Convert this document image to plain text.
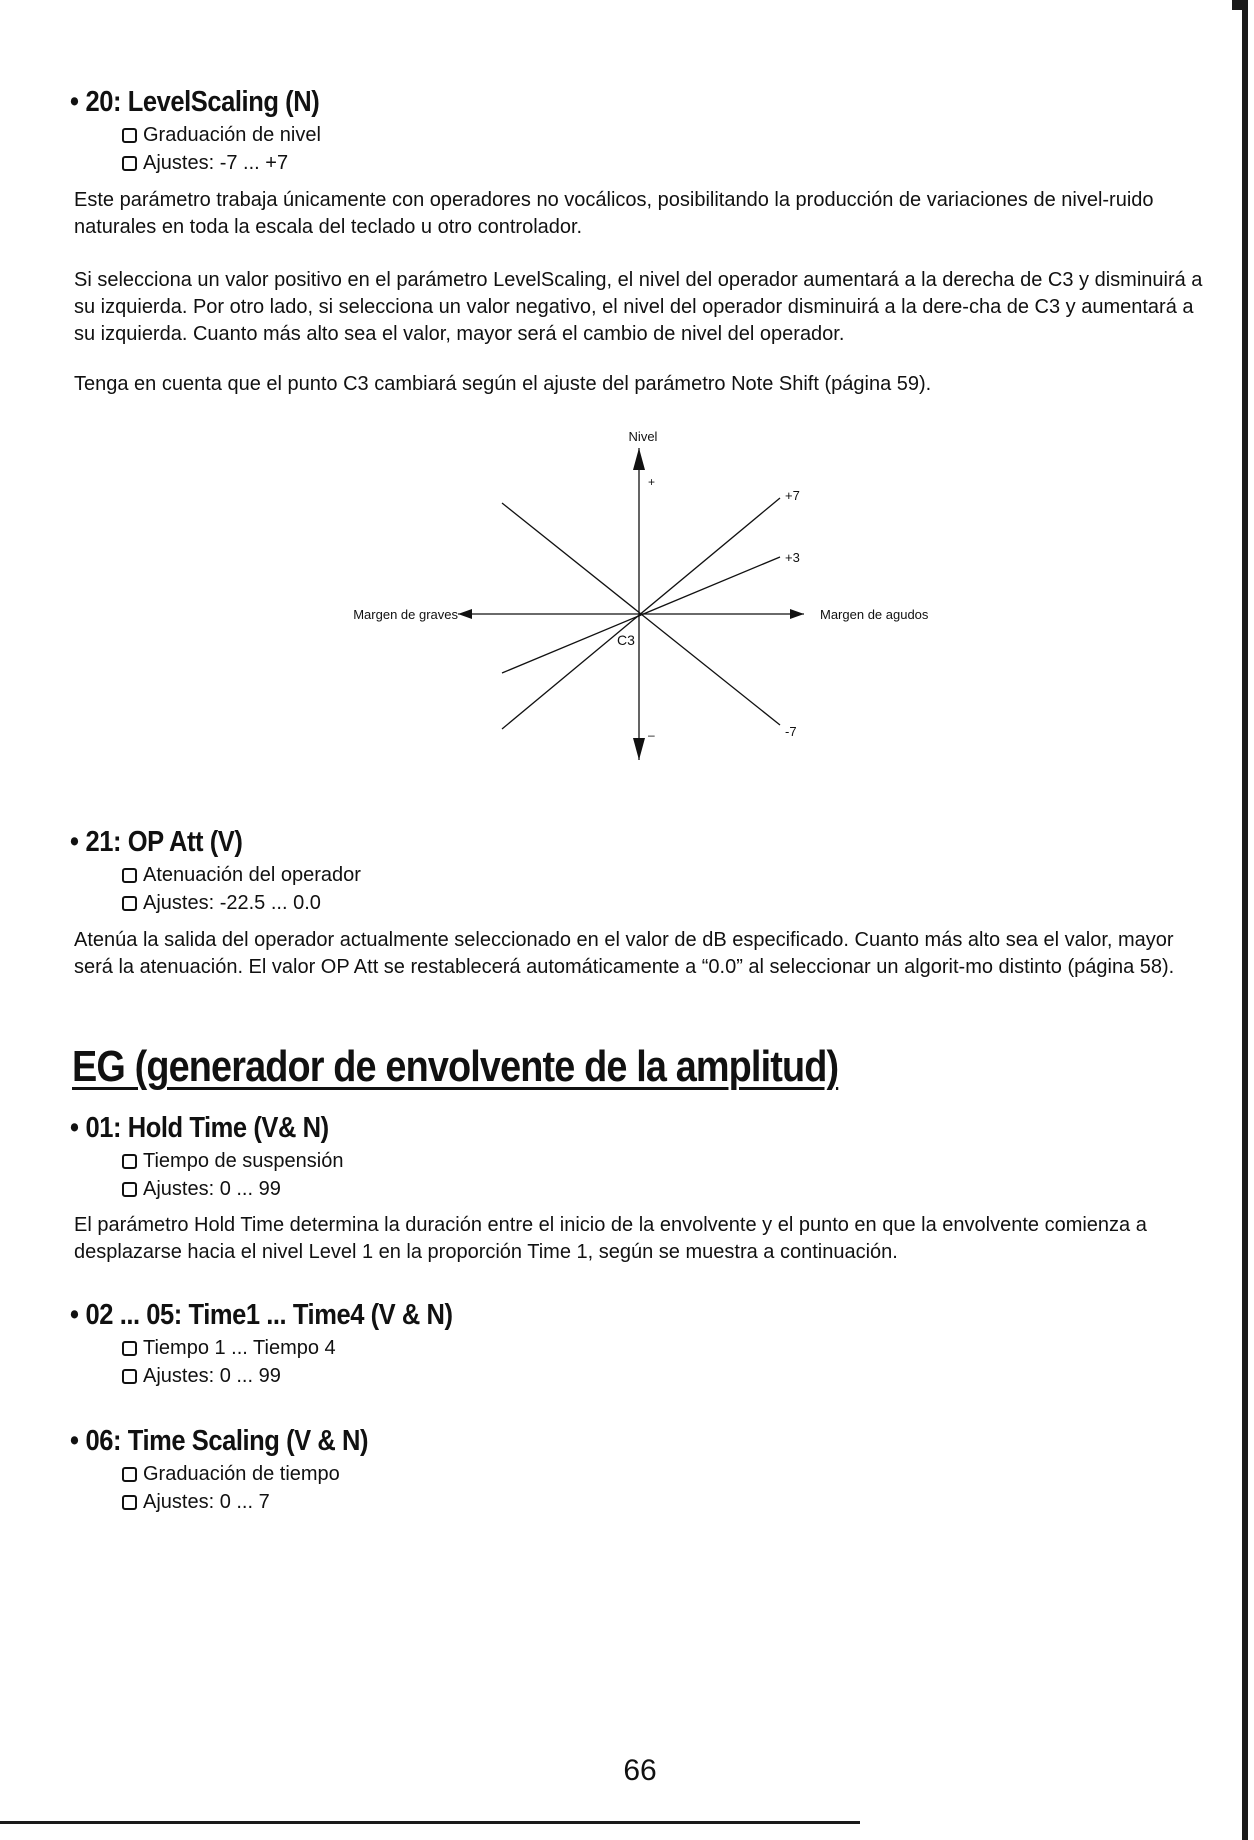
• 20: LevelScaling (N)
Graduación de nivel
Ajustes: -7 ... +7

Este parámetro trabaja únicamente con operadores no vocálicos, posibilitando la producción de variaciones de nivel-ruido naturales en toda la escala del teclado u otro controlador.

Si selecciona un valor positivo en el parámetro LevelScaling, el nivel del operador aumentará a la derecha de C3 y disminuirá a su izquierda. Por otro lado, si selecciona un valor negativo, el nivel del operador disminuirá a la dere-cha de C3 y aumentará a su izquierda. Cuanto más alto sea el valor, mayor será el cambio de nivel del operador.

Tenga en cuenta que el punto C3 cambiará según el ajuste del parámetro Note Shift (página 59).

Nivel
+
–
Margen de graves	Margen de agudos
C3
+7
+3
-7
• 21: OP Att (V)
Atenuación del operador
Ajustes: -22.5 ... 0.0

Atenúa la salida del operador actualmente seleccionado en el valor de dB especificado. Cuanto más alto sea el valor, mayor será la atenuación. El valor OP Att se restablecerá automáticamente a “0.0” al seleccionar un algorit-mo distinto (página 58).

EG (generador de envolvente de la amplitud)
• 01: Hold Time (V& N)
Tiempo de suspensión
Ajustes: 0 ... 99

El parámetro Hold Time determina la duración entre el inicio de la envolvente y el punto en que la envolvente comienza a desplazarse hacia el nivel Level 1 en la proporción Time 1, según se muestra a continuación.

• 02 ... 05: Time1 ... Time4 (V & N)
Tiempo 1 ... Tiempo 4
Ajustes: 0 ... 99
• 06: Time Scaling (V & N)
Graduación de tiempo
Ajustes: 0 ... 7

66
